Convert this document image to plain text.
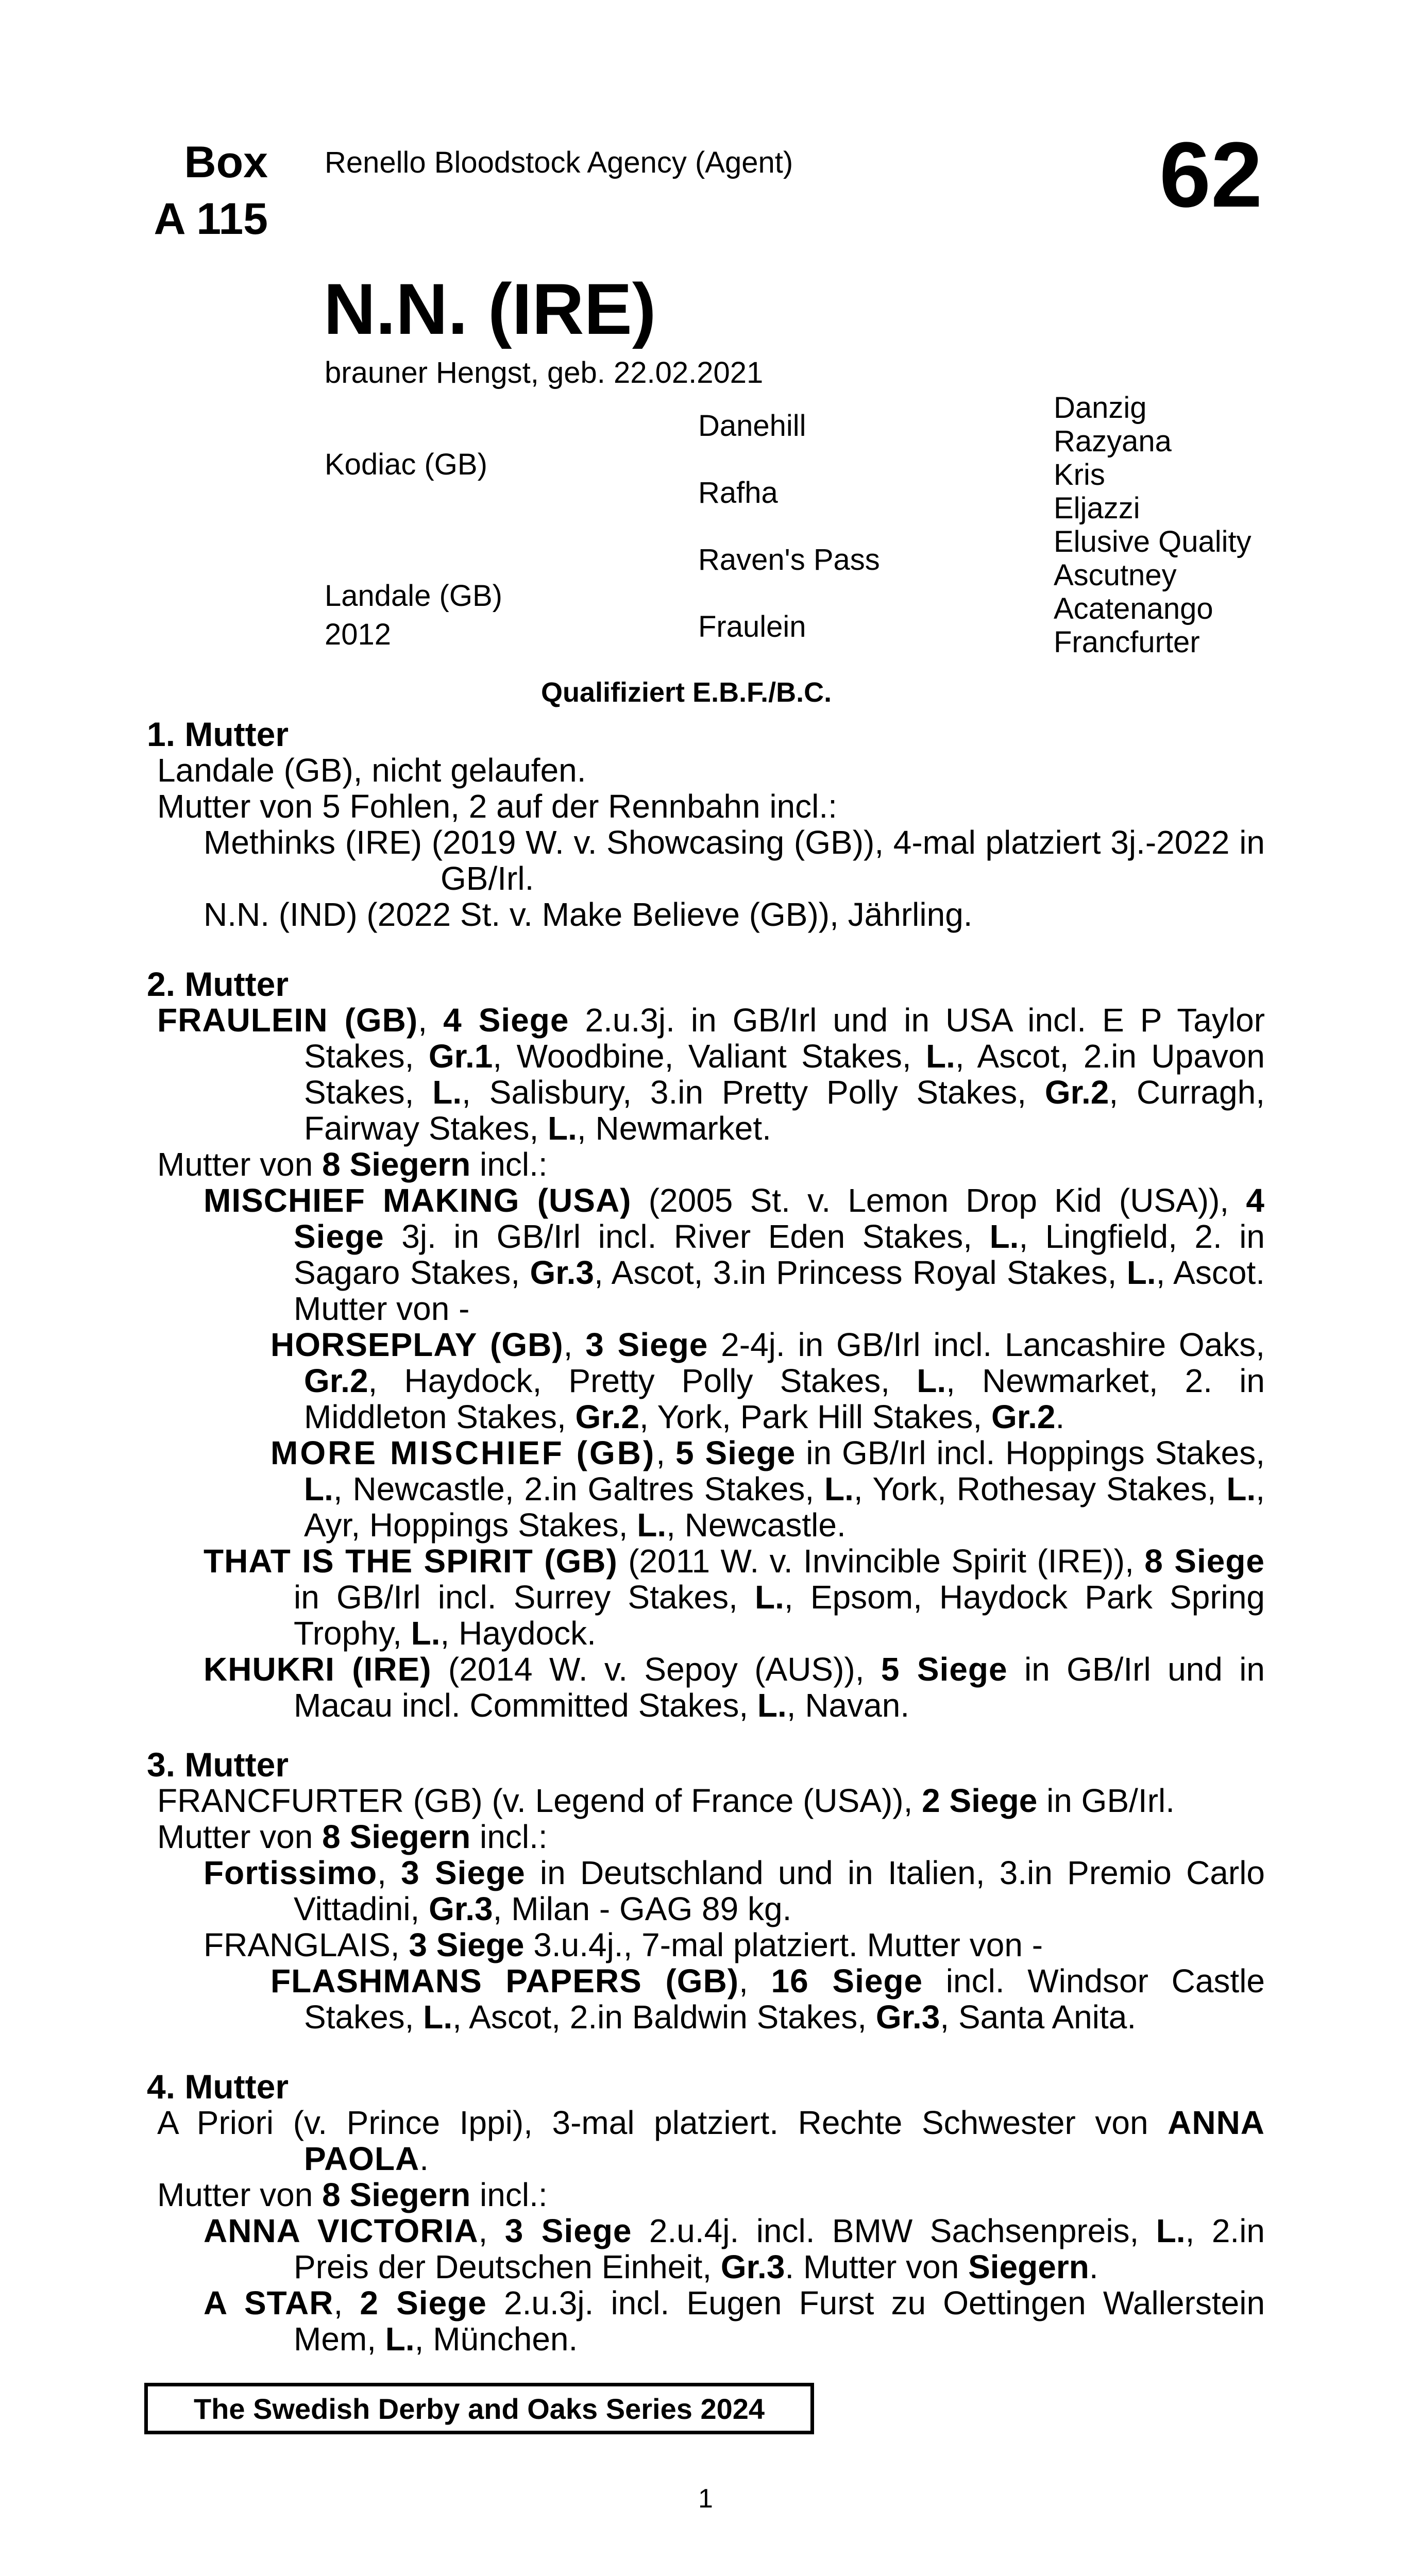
Box
A 115
Renello Bloodstock Agency (Agent)	62
N.N. (IRE)
brauner Hengst, geb. 22.02.2021
Kodiac (GB)
Landale (GB)
2012
Danehill
Rafha
Raven's Pass
Fraulein
Danzig
Razyana
Kris
Eljazzi
Elusive Quality
Ascutney
Acatenango
Francfurter
Qualifiziert E.B.F./B.C.

1. Mutter

Landale (GB), nicht gelaufen.

Mutter von 5 Fohlen, 2 auf der Rennbahn incl.:

Methinks (IRE) (2019 W. v. Showcasing (GB)), 4-mal platziert 3j.-2022 in GB/Irl.

N.N. (IND) (2022 St. v. Make Believe (GB)), Jährling.

2. Mutter

FRAULEIN (GB), 4 Siege 2.u.3j. in GB/Irl und in USA incl. E P Taylor Stakes, Gr.1, Woodbine, Valiant Stakes, L., Ascot, 2.in Upavon Stakes, L., Salisbury, 3.in Pretty Polly Stakes, Gr.2, Curragh, Fairway Stakes, L., Newmarket.

Mutter von 8 Siegern incl.:

MISCHIEF MAKING (USA) (2005 St. v. Lemon Drop Kid (USA)), 4 Siege 3j. in GB/Irl incl. River Eden Stakes, L., Lingfield, 2. in Sagaro Stakes, Gr.3, Ascot, 3.in Princess Royal Stakes, L., Ascot. Mutter von -

HORSEPLAY (GB), 3 Siege 2-4j. in GB/Irl incl. Lancashire Oaks, Gr.2, Haydock, Pretty Polly Stakes, L., Newmarket, 2. in Middleton Stakes, Gr.2, York, Park Hill Stakes, Gr.2.

MORE MISCHIEF (GB), 5 Siege in GB/Irl incl. Hoppings Stakes, L., Newcastle, 2.in Galtres Stakes, L., York, Rothesay Stakes, L., Ayr, Hoppings Stakes, L., Newcastle.

THAT IS THE SPIRIT (GB) (2011 W. v. Invincible Spirit (IRE)), 8 Siege in GB/Irl incl. Surrey Stakes, L., Epsom, Haydock Park Spring Trophy, L., Haydock.

KHUKRI (IRE) (2014 W. v. Sepoy (AUS)), 5 Siege in GB/Irl und in Macau incl. Committed Stakes, L., Navan.

3. Mutter

FRANCFURTER (GB) (v. Legend of France (USA)), 2 Siege in GB/Irl.

Mutter von 8 Siegern incl.:

Fortissimo, 3 Siege in Deutschland und in Italien, 3.in Premio Carlo Vittadini, Gr.3, Milan - GAG 89 kg.

FRANGLAIS, 3 Siege 3.u.4j., 7-mal platziert. Mutter von -

FLASHMANS PAPERS (GB), 16 Siege incl. Windsor Castle Stakes, L., Ascot, 2.in Baldwin Stakes, Gr.3, Santa Anita.

4. Mutter

A Priori (v. Prince Ippi), 3-mal platziert. Rechte Schwester von ANNA PAOLA.

Mutter von 8 Siegern incl.:

ANNA VICTORIA, 3 Siege 2.u.4j. incl. BMW Sachsenpreis, L., 2.in Preis der Deutschen Einheit, Gr.3. Mutter von Siegern.

A STAR, 2 Siege 2.u.3j. incl. Eugen Furst zu Oettingen Wallerstein Mem, L., München.

The Swedish Derby and Oaks Series 2024
1
